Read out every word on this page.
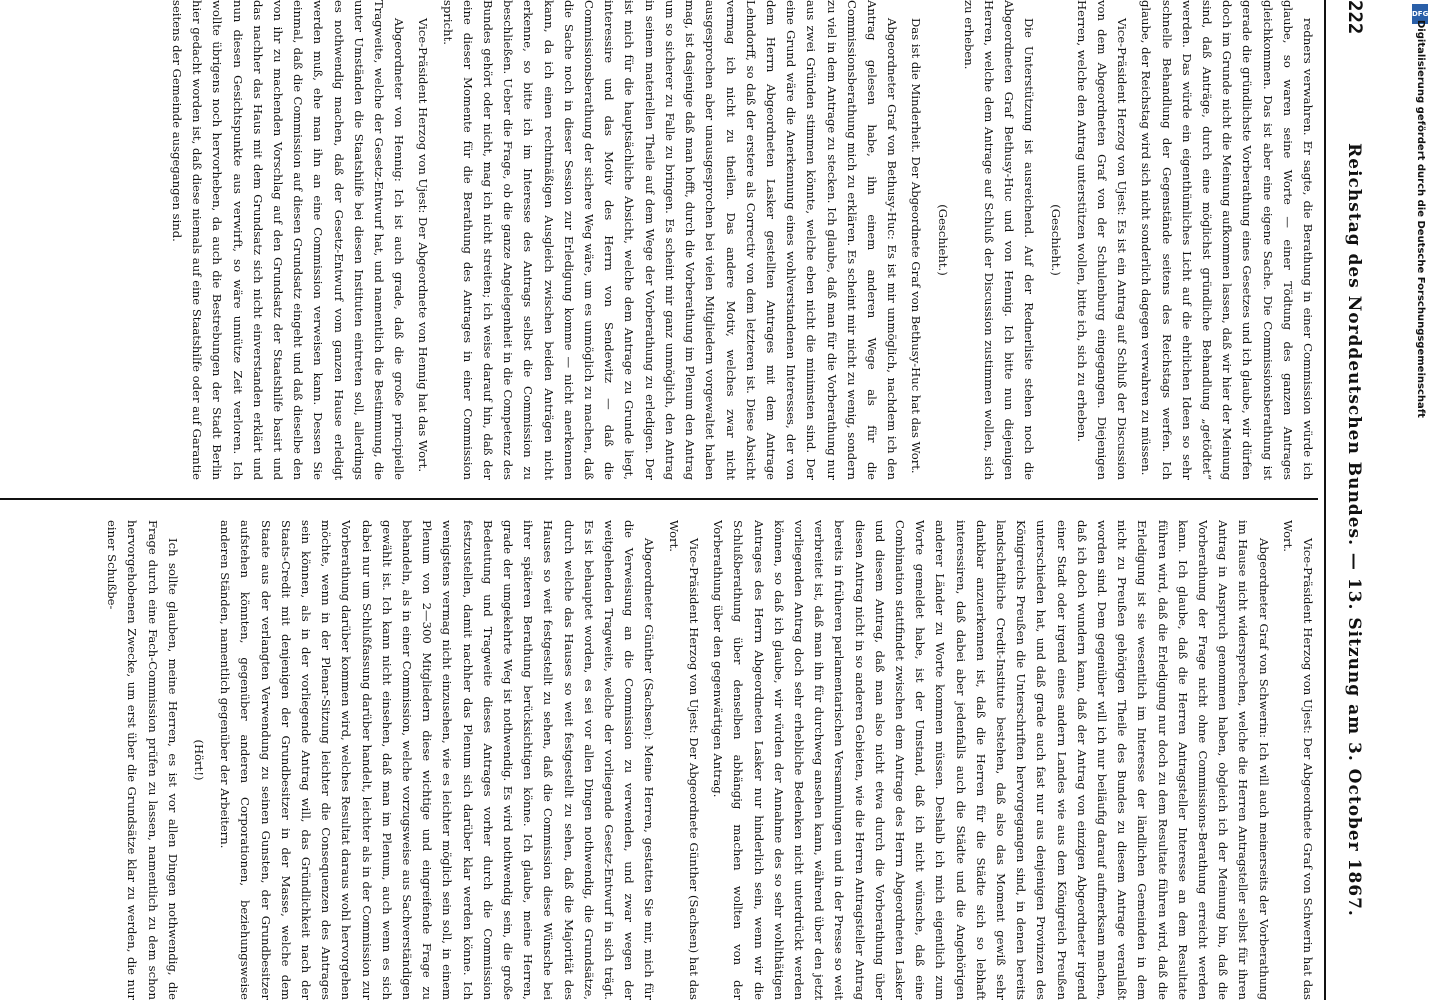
222
Reichstag des Norddeutschen Bundes. — 13. Sitzung am 3. October 1867.

redners verwahren. Er sagte, die Berathung in einer Commission würde ich glaube, so waren seine Worte — einer Tödtung des ganzen Antrages gleichkommen. Das ist aber eine eigene Sache. Die Commissionsberathung ist gerade die gründlichste Vorberathung eines Gesetzes und ich glaube, wir dürfen doch im Grunde nicht die Meinung aufkommen lassen, daß wir hier der Meinung sind, daß Anträge, durch eine möglichst gründliche Behandlung „getödtet“ werden. Das würde ein eigenthümliches Licht auf die ehrlichen Ideen so sehr schnelle Behandlung der Gegenstände seitens des Reichstags werfen. Ich glaube, der Reichstag wird sich nicht sonderlich dagegen verwahren zu müssen.

Vice-Präsident Herzog von Ujest: Es ist ein Antrag auf Schluß der Discussion von dem Abgeordneten Graf von der Schulenburg eingegangen. Diejenigen Herren, welche den Antrag unterstützen wollen, bitte ich, sich zu erheben.

(Geschieht.)

Die Unterstützung ist ausreichend. Auf der Rednerliste stehen noch die Abgeordneten Graf Bethusy-Huc und von Hennig. Ich bitte nun diejenigen Herren, welche dem Antrage auf Schluß der Discussion zustimmen wollen, sich zu erheben.

(Geschieht.)

Das ist die Minderheit. Der Abgeordnete Graf von Bethusy-Huc hat das Wort.

Abgeordneter Graf von Bethusy-Huc: Es ist mir unmöglich, nachdem ich den Antrag gelesen habe, ihn einem anderen Wege als für die Commissionsberathung mich zu erklären. Es scheint mir nicht zu wenig, sondern zu viel in dem Antrage zu stecken. Ich glaube, daß man für die Vorberathung nur aus zwei Gründen stimmen könnte, welche eben nicht die minimsten sind. Der eine Grund wäre die Anerkennung eines wohlverstandenen Interesses, der von dem Herrn Abgeordneten Lasker gestellten Antrages mit dem Antrage Lehndorff, so daß der erstere als Correctiv von dem letzteren ist. Diese Absicht vermag ich nicht zu theilen. Das andere Motiv, welches zwar nicht ausgesprochen aber unausgesprochen bei vielen Mitgliedern vorgewaltet haben mag, ist dasjenige daß man hofft, durch die Vorberathung im Plenum den Antrag um so sicherer zu Falle zu bringen. Es scheint mir ganz unmöglich, den Antrag in seinem materiellen Theile auf dem Wege der Vorberathung zu erledigen. Der ist mich für die hauptsächliche Absicht, welche dem Antrage zu Grunde liegt, interessire und das Motiv des Herrn von Sendewitz — daß die Commissionsberathung der sichere Weg wäre, um es unmöglich zu machen, daß die Sache noch in dieser Session zur Erledigung komme — nicht anerkennen kann, da ich einen rechtmäßigen Ausgleich zwischen beiden Anträgen nicht erkenne, so bitte ich im Interesse des Antrags selbst die Commission zu beschließen. Ueber die Frage, ob die ganze Angelegenheit in die Competenz des Bundes gehört oder nicht, mag ich nicht streiten; ich weise darauf hin, daß der eine dieser Momente für die Berathung des Antrages in einer Commission spricht.

Vice-Präsident Herzog von Ujest: Der Abgeordnete von Hennig hat das Wort.

Abgeordneter von Hennig: Ich ist auch grade, daß die große principielle Tragweite, welche der Gesetz-Entwurf hat, und namentlich die Bestimmung, die unter Umständen die Staatshilfe bei diesen Instituten eintreten soll, allerdings es nothwendig machen, daß der Gesetz-Entwurf vom ganzen Hause erledigt werden muß, ehe man ihn an eine Commission verweisen kann. Dessen Sie einmal, daß die Commission auf diesen Grundsatz eingeht und daß dieselbe den von ihr zu machenden Vorschlag auf den Grundsatz der Staatshilfe basirt und das nachher das Haus mit dem Grundsatz sich nicht einverstanden erklärt und nun diesen Gesichtspunkte aus verwirft, so wäre unnütze Zeit verloren. Ich wollte übrigens noch hervorheben, da auch die Bestrebungen der Stadt Berlin hier gedacht worden ist, daß diese niemals auf eine Staatshilfe oder auf Garantie seitens der Gemeinde ausgegangen sind.

Vice-Präsident Herzog von Ujest: Der Abgeordnete Graf von Schwerin hat das Wort.

Abgeordneter Graf von Schwerin: Ich will auch meinerseits der Vorberathung im Hause nicht widersprechen, welche die Herren Antragsteller selbst für ihren Antrag in Anspruch genommen haben, obgleich ich der Meinung bin, daß die Vorberathung der Frage nicht ohne Commissions-Berathung erreicht werden kann. Ich glaube, daß die Herren Antragsteller Interesse an dem Resultate führen wird, daß die Erledigung nur doch zu dem Resultate führen wird, daß die Erledigung ist sie wesentlich im Interesse der ländlichen Gemeinden in dem nicht zu Preußen gehörigen Theile des Bundes zu diesem Antrage veranlaßt worden sind. Dem gegenüber will ich nur beiläufig darauf aufmerksam machen, daß ich doch wundern kann, daß der Antrag von einzigen Abgeordneter irgend einer Stadt oder irgend eines andern Landes wie aus dem Königreich Preußen unterschieden hat, und daß grade auch fast nur aus denjenigen Provinzen des Königreichs Preußen die Unterschriften hervorgegangen sind, in denen bereits landschaftliche Credit-Institute bestehen, daß also das Moment gewiß sehr dankbar anzuerkennen ist, daß die Herren für die Städte sich so lebhaft interessiren, daß dabei aber jedenfalls auch die Städte und die Angehörigen anderer Länder zu Worte kommen müssen. Deshalb ich mich eigentlich zum Worte gemeldet habe, ist der Umstand, daß ich nicht wünsche, daß eine Combination stattfindet zwischen dem Antrage des Herrn Abgeordneten Lasker und diesem Antrag, daß man also nicht etwa durch die Vorberathung über diesen Antrag nicht in so anderen Gebieten, wie die Herren Antragsteller Antrag bereits in früheren parlamentarischen Versammlungen und in der Presse so weit verbreitet ist, daß man ihn für durchweg ansehen kann, während über den jetzt vorliegenden Antrag doch sehr erhebliche Bedenken nicht unterdrückt werden können, so daß ich glaube, wir würden der Annahme des so sehr wohlthätigen Antrages des Herrn Abgeordneten Lasker nur hinderlich sein, wenn wir die Schlußberathung über denselben abhängig machen wollten von der Vorberathung über den gegenwärtigen Antrag.

Vice-Präsident Herzog von Ujest: Der Abgeordnete Günther (Sachsen) hat das Wort.

Abgeordneter Günther (Sachsen): Meine Herren, gestatten Sie mir, mich für die Verweisung an die Commission zu verwenden, und zwar wegen der weitgehenden Tragweite, welche der vorliegende Gesetz-Entwurf in sich trägt. Es ist behauptet worden, es sei vor allen Dingen nothwendig, die Grundsätze, durch welche das Hauses so weit festgestellt zu sehen, daß die Majorität des Hauses so weit festgestellt zu sehen, daß die Commission diese Wünsche bei ihrer späteren Berathung berücksichtigen könne. Ich glaube, meine Herren, grade der umgekehrte Weg ist nothwendig. Es wird nothwendig sein, die große Bedeutung und Tragweite dieses Antrages vorher durch die Commission festzustellen, damit nachher das Plenum sich darüber klar werden könne. Ich wenigstens vermag nicht einzusehen, wie es leichter möglich sein soll, in einem Plenum von 2—300 Mitgliedern diese wichtige und eingreifende Frage zu behandeln, als in einer Commission, welche vorzugsweise aus Sachverständigen gewählt ist. Ich kann nicht einsehen, daß man im Plenum, auch wenn es sich dabei nur um Schlußfassung darüber handelt, leichter als in der Commission zur Vorberathung darüber kommen wird, welches Resultat daraus wohl hervorgehen möchte, wenn in der Plenar-Sitzung leichter die Consequenzen des Antrages sein können, als in der vorliegende Antrag will, das Gründlichkeit nach der Staats-Credit mit denjenigen der Grundbesitzer in der Masse, welche dem Staate aus der verlangten Verwendung zu seinen Gunsten, der Grundbesitzer aufstehen könnten, gegenüber anderen Corporationen, beziehungsweise anderen Ständen, namentlich gegenüber der Arbeitern.

(Hört!)

Ich sollte glauben, meine Herren, es ist vor allen Dingen nothwendig, die Frage durch eine Fach-Commission prüfen zu lassen, namentlich zu dem schon hervorgehobenen Zwecke, um erst über die Grundsätze klar zu werden, die nur einer Schußbe-

DFG
Digitalisierung gefördert durch die Deutsche Forschungsgemeinschaft
